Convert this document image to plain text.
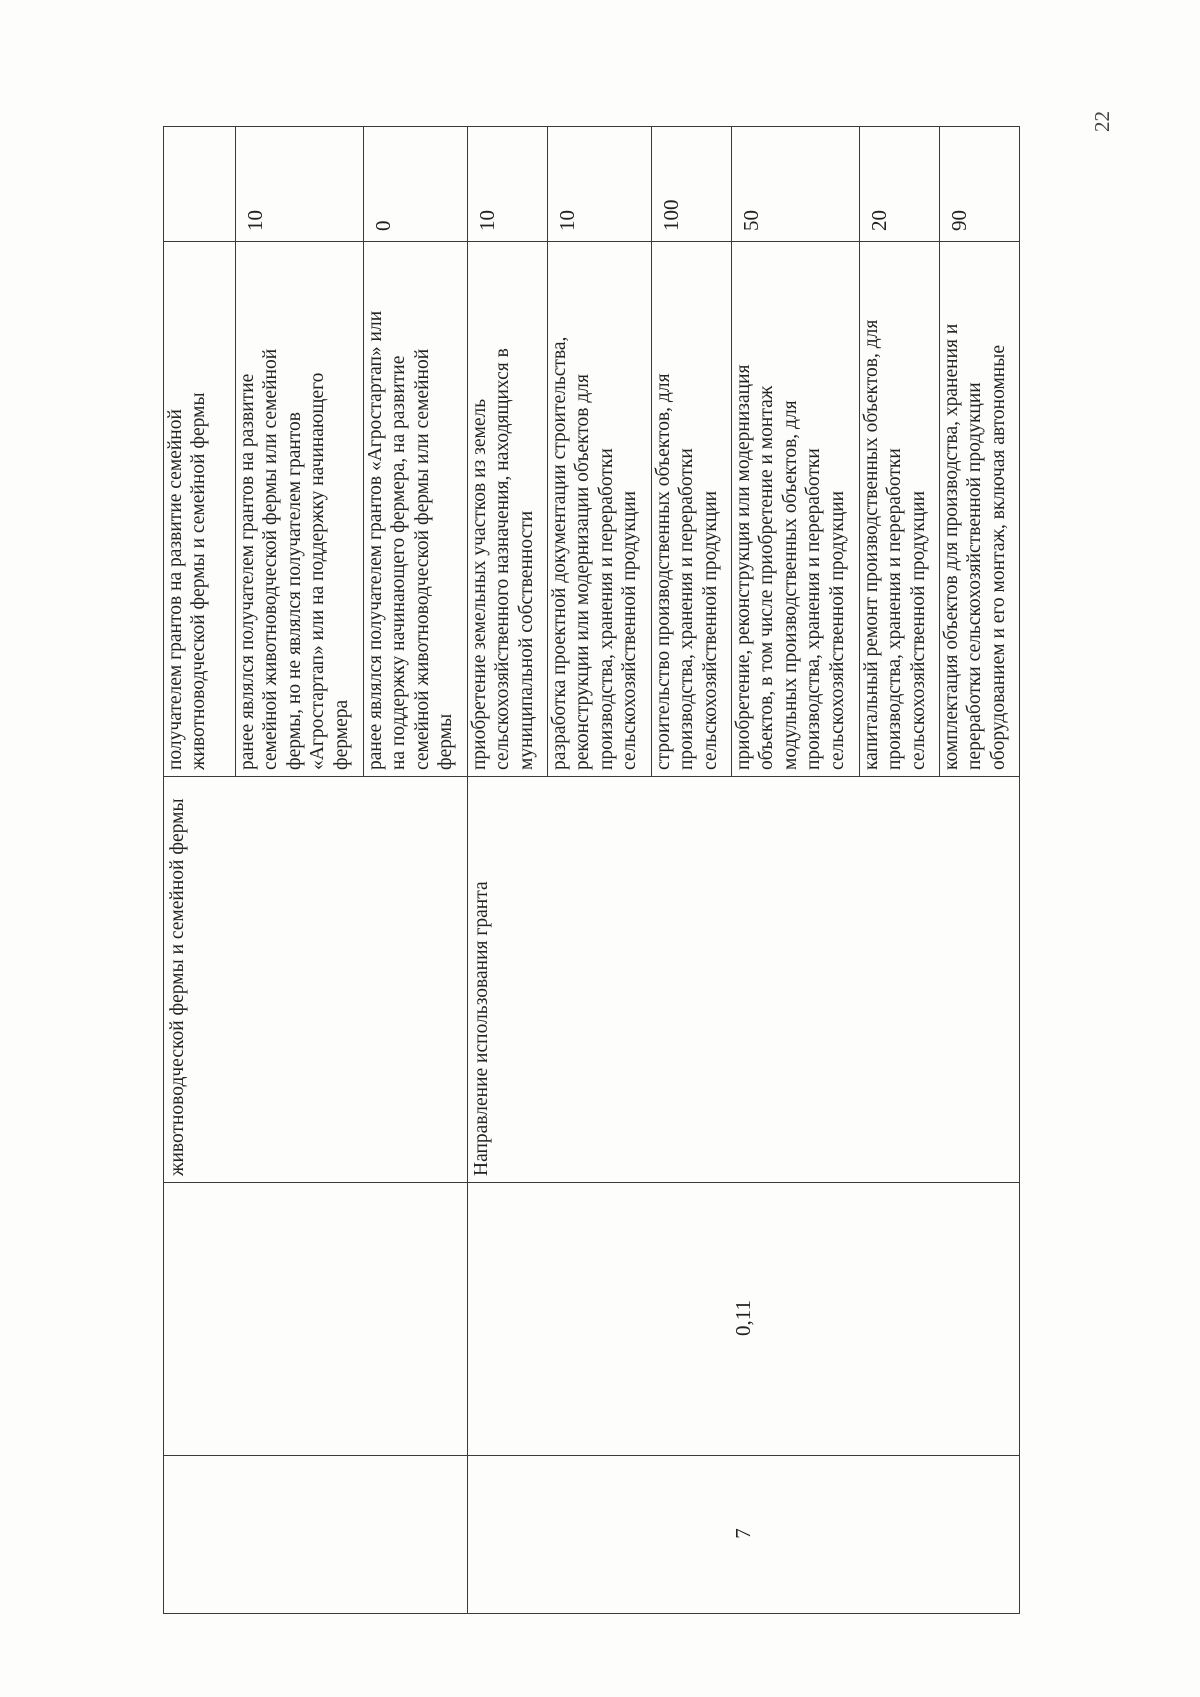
		животноводческой фермы и семейной фермы	получателем грантов на развитие семейной животноводческой фермы и семейной фермы	

			ранее являлся получателем грантов на развитие семейной животноводческой фермы или семейной фермы, но не являлся получателем грантов «Агростартап» или на поддержку начинающего фермера	10

			ранее являлся получателем грантов «Агростартап» или на поддержку начинающего фермера, на развитие семейной животноводческой фермы или семейной фермы	0
7	0,11	Направление использования гранта	приобретение земельных участков из земель сельскохозяйственного назначения, находящихся в муниципальной собственности	10

			разработка проектной документации строительства, реконструкции или модернизации объектов для производства, хранения и переработки сельскохозяйственной продукции	10

			строительство производственных объектов, для производства, хранения и переработки сельскохозяйственной продукции	100

			приобретение, реконструкция или модернизация объектов, в том числе приобретение и монтаж модульных производственных объектов, для производства, хранения и переработки сельскохозяйственной продукции	50

			капитальный ремонт производственных объектов, для производства, хранения и переработки сельскохозяйственной продукции	20

			комплектация объектов для производства, хранения и переработки сельскохозяйственной продукции оборудованием и его монтаж, включая автономные	90
22
